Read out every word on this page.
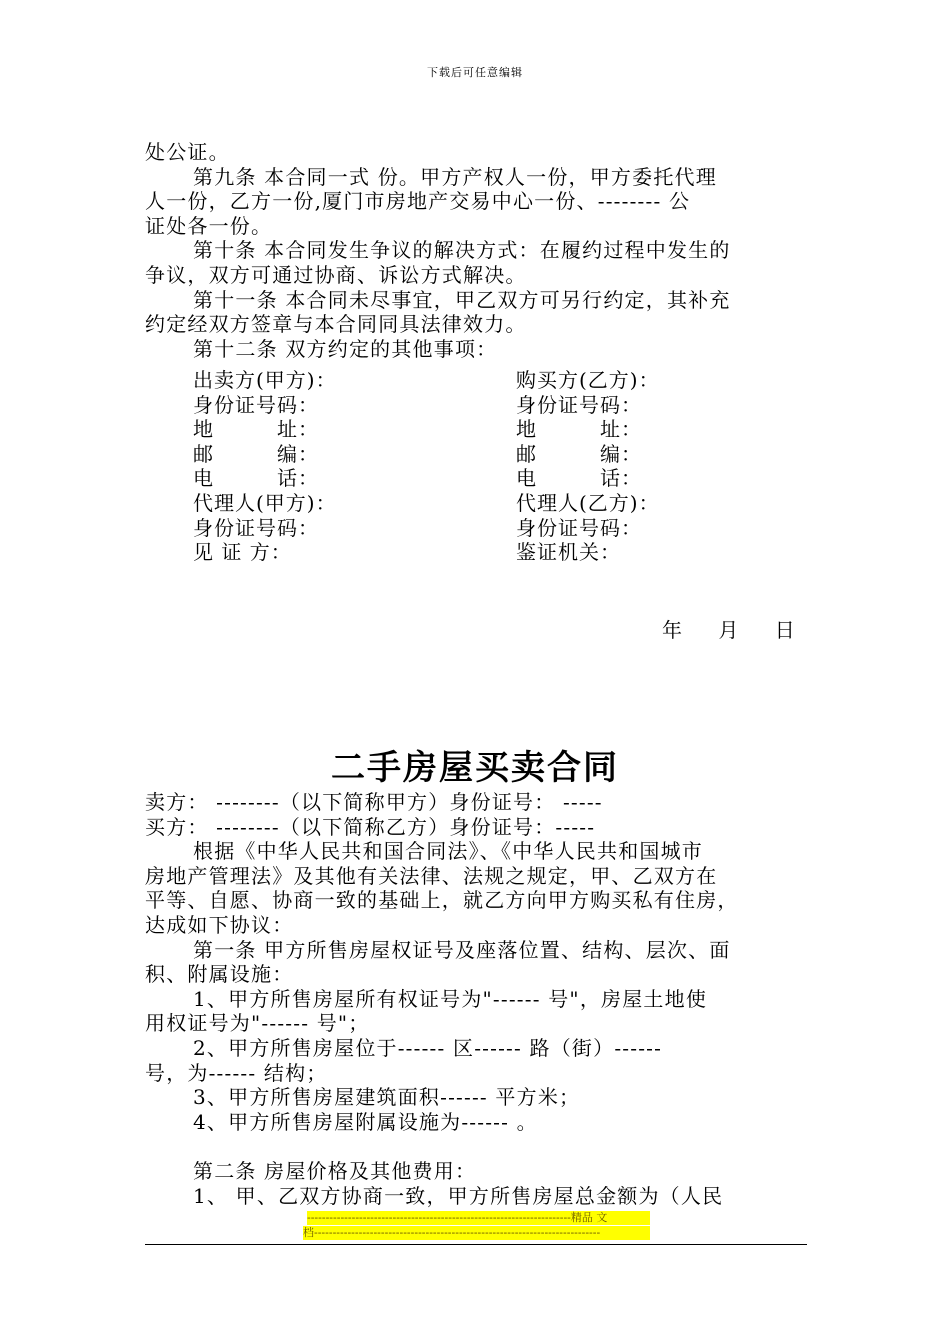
下载后可任意编辑
处公证。
第九条 本合同一式 份。甲方产权人一份，甲方委托代理
人一份，乙方一份,厦门市房地产交易中心一份、-------- 公
证处各一份。
第十条 本合同发生争议的解决方式：在履约过程中发生的
争议，双方可通过协商、诉讼方式解决。
第十一条 本合同未尽事宜，甲乙双方可另行约定，其补充
约定经双方签章与本合同同具法律效力。
第十二条 双方约定的其他事项：
出卖方(甲方)：
身份证号码：
地　　　址：
邮　　　编：
电　　　话：
代理人(甲方)：
身份证号码：
见 证 方：
购买方(乙方)：
身份证号码：
地　　　址：
邮　　　编：
电　　　话：
代理人(乙方)：
身份证号码：
鉴证机关：
年 月 日
二手房屋买卖合同
卖方： --------（以下简称甲方）身份证号： -----
买方： --------（以下简称乙方）身份证号：-----
根据《中华人民共和国合同法》、《中华人民共和国城市
房地产管理法》及其他有关法律、法规之规定，甲、乙双方在
平等、自愿、协商一致的基础上，就乙方向甲方购买私有住房，
达成如下协议：
第一条 甲方所售房屋权证号及座落位置、结构、层次、面
积、附属设施：
1、甲方所售房屋所有权证号为"------ 号"，房屋土地使
用权证号为"------ 号"；
2、甲方所售房屋位于------ 区------ 路（街）------
号，为------ 结构；
3、甲方所售房屋建筑面积------ 平方米；
4、甲方所售房屋附属设施为------ 。
第二条 房屋价格及其他费用：
1、 甲、乙双方协商一致，甲方所售房屋总金额为（人民
-----------------------------------------------------------------------精品 文
档-----------------------------------------------------------------------------
